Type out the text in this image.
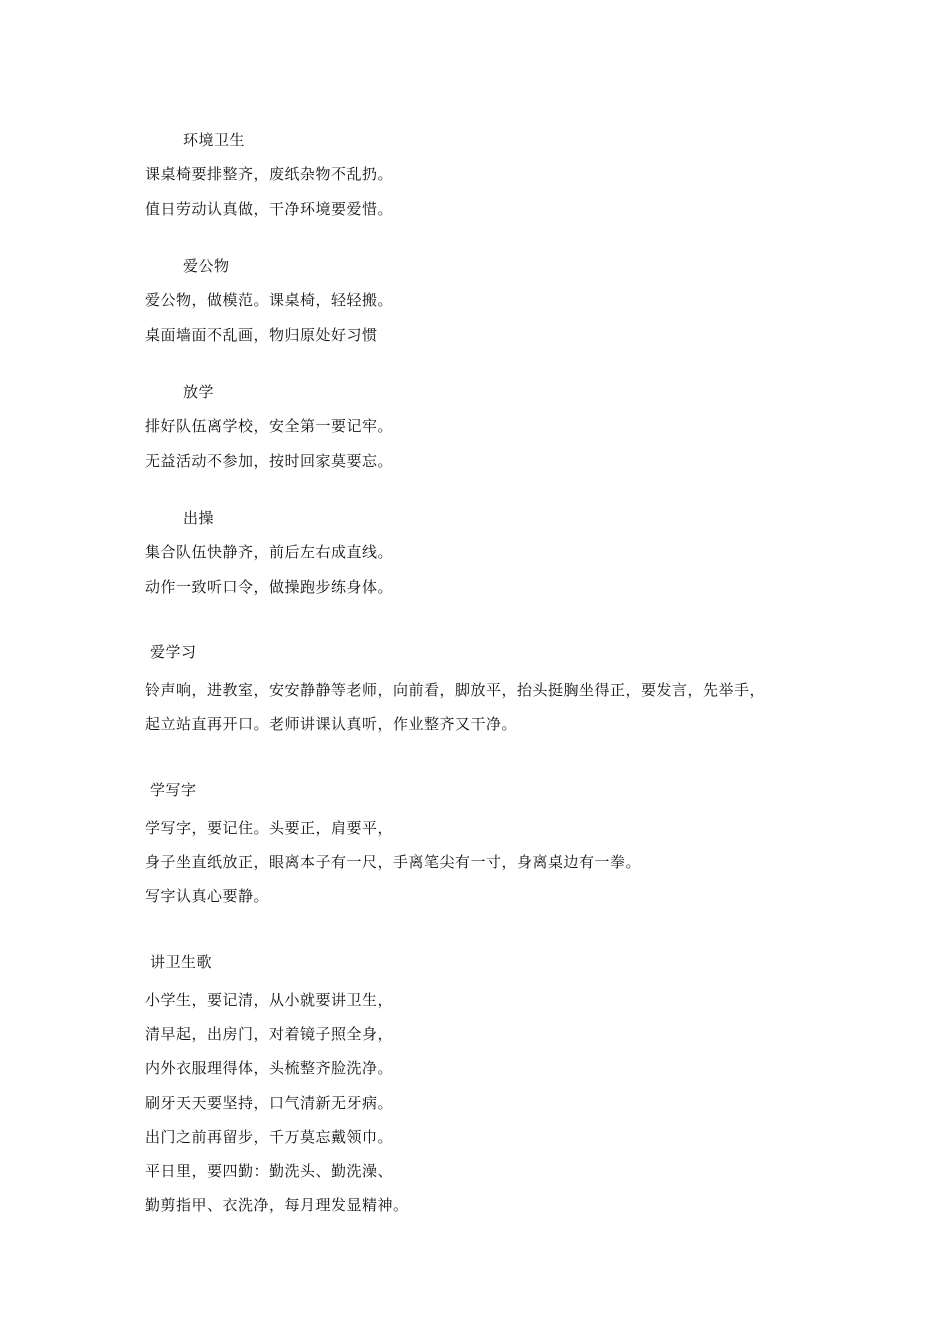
环境卫生
课桌椅要排整齐，废纸杂物不乱扔。
值日劳动认真做，干净环境要爱惜。
爱公物
爱公物，做模范。课桌椅，轻轻搬。
桌面墙面不乱画，物归原处好习惯
放学
排好队伍离学校，安全第一要记牢。
无益活动不参加，按时回家莫要忘。
出操
集合队伍快静齐，前后左右成直线。
动作一致听口令，做操跑步练身体。
爱学习
铃声响，进教室，安安静静等老师，向前看，脚放平，抬头挺胸坐得正，要发言，先举手，
起立站直再开口。老师讲课认真听，作业整齐又干净。
学写字
学写字，要记住。头要正，肩要平，
身子坐直纸放正，眼离本子有一尺，手离笔尖有一寸，身离桌边有一拳。
写字认真心要静。
讲卫生歌
小学生，要记清，从小就要讲卫生，
清早起，出房门，对着镜子照全身，
内外衣服理得体，头梳整齐脸洗净。
刷牙天天要坚持，口气清新无牙病。
出门之前再留步，千万莫忘戴领巾。
平日里，要四勤：勤洗头、勤洗澡、
勤剪指甲、衣洗净，每月理发显精神。
